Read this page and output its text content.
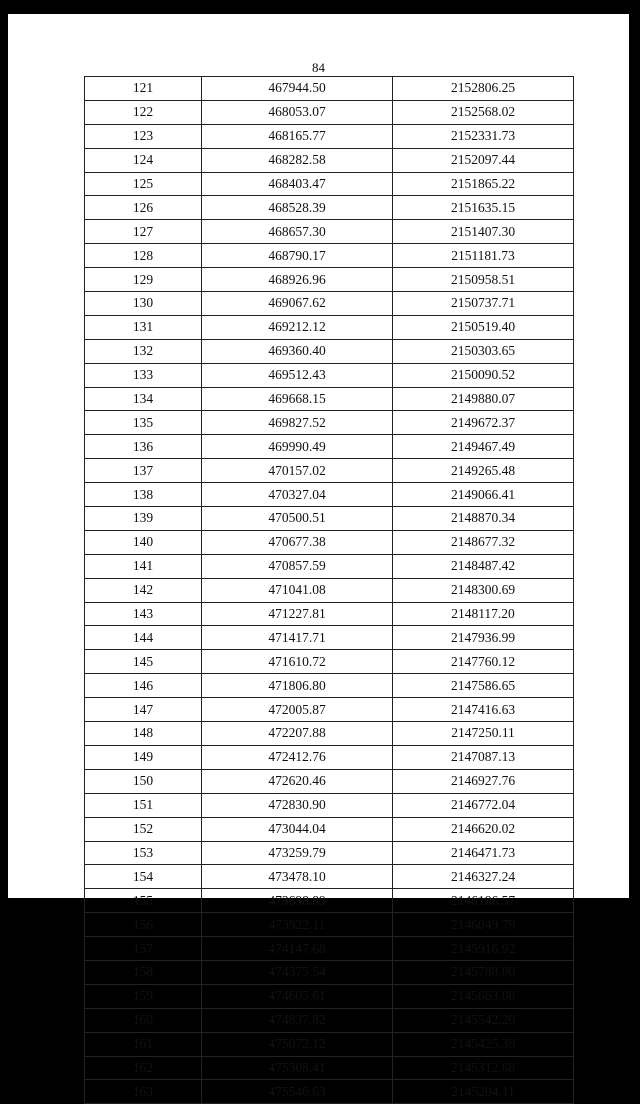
84
121	467944.50	2152806.25
122	468053.07	2152568.02
123	468165.77	2152331.73
124	468282.58	2152097.44
125	468403.47	2151865.22
126	468528.39	2151635.15
127	468657.30	2151407.30
128	468790.17	2151181.73
129	468926.96	2150958.51
130	469067.62	2150737.71
131	469212.12	2150519.40
132	469360.40	2150303.65
133	469512.43	2150090.52
134	469668.15	2149880.07
135	469827.52	2149672.37
136	469990.49	2149467.49
137	470157.02	2149265.48
138	470327.04	2149066.41
139	470500.51	2148870.34
140	470677.38	2148677.32
141	470857.59	2148487.42
142	471041.08	2148300.69
143	471227.81	2148117.20
144	471417.71	2147936.99
145	471610.72	2147760.12
146	471806.80	2147586.65
147	472005.87	2147416.63
148	472207.88	2147250.11
149	472412.76	2147087.13
150	472620.46	2146927.76
151	472830.90	2146772.04
152	473044.04	2146620.02
153	473259.79	2146471.73
154	473478.10	2146327.24
155	473698.89	2146186.57
156	473922.11	2146049.79
157	474147.68	2145916.92
158	474375.54	2145788.00
159	474605.61	2145663.08
160	474837.82	2145542.20
161	475072.12	2145425.39
162	475308.41	2145312.68
163	475546.63	2145204.11
